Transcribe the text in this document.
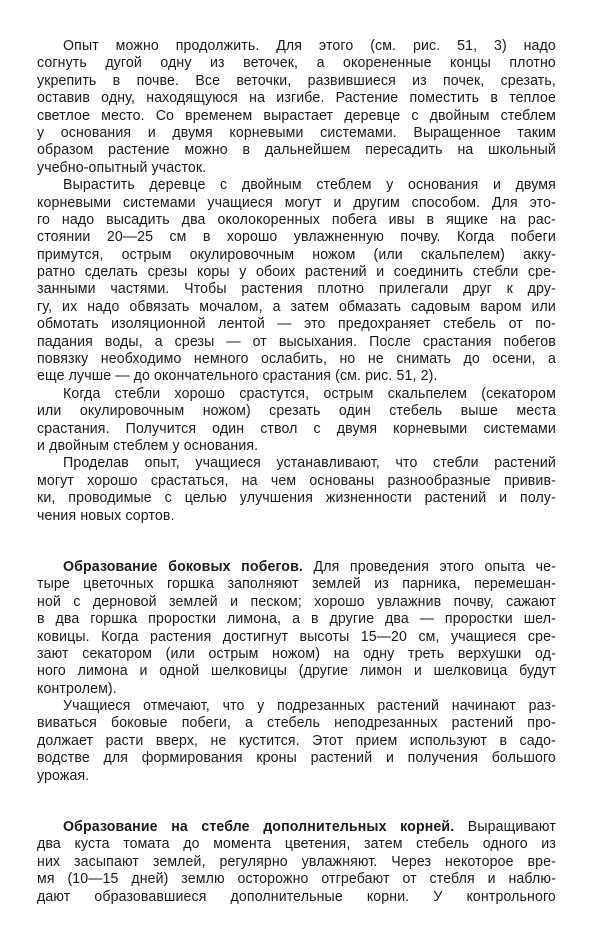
Опыт можно продолжить. Для этого (см. рис. 51, 3) надо
согнуть дугой одну из веточек, а окорененные концы плотно
укрепить в почве. Все веточки, развившиеся из почек, срезать,
оставив одну, находящуюся на изгибе. Растение поместить в теплое
светлое место. Со временем вырастает деревце с двойным стеблем
у основания и двумя корневыми системами. Выращенное таким
образом растение можно в дальнейшем пересадить на школьный
учебно-опытный участок.
Вырастить деревце с двойным стеблем у основания и двумя
корневыми системами учащиеся могут и другим способом. Для это-
го надо высадить два околокоренных побега ивы в ящике на рас-
стоянии 20—25 см в хорошо увлажненную почву. Когда побеги
примутся, острым окулировочным ножом (или скальпелем) акку-
ратно сделать срезы коры у обоих растений и соединить стебли сре-
занными частями. Чтобы растения плотно прилегали друг к дру-
гу, их надо обвязать мочалом, а затем обмазать садовым варом или
обмотать изоляционной лентой — это предохраняет стебель от по-
падания воды, а срезы — от высыхания. После срастания побегов
повязку необходимо немного ослабить, но не снимать до осени, а
еще лучше — до окончательного срастания (см. рис. 51, 2).
Когда стебли хорошо срастутся, острым скальпелем (секатором
или окулировочным ножом) срезать один стебель выше места
срастания. Получится один ствол с двумя корневыми системами
и двойным стеблем у основания.
Проделав опыт, учащиеся устанавливают, что стебли растений
могут хорошо срастаться, на чем основаны разнообразные привив-
ки, проводимые с целью улучшения жизненности растений и полу-
чения новых сортов.
Образование боковых побегов. Для проведения этого опыта че-
тыре цветочных горшка заполняют землей из парника, перемешан-
ной с дерновой землей и песком; хорошо увлажнив почву, сажают
в два горшка проростки лимона, а в другие два — проростки шел-
ковицы. Когда растения достигнут высоты 15—20 см, учащиеся сре-
зают секатором (или острым ножом) на одну треть верхушки од-
ного лимона и одной шелковицы (другие лимон и шелковица будут
контролем).
Учащиеся отмечают, что у подрезанных растений начинают раз-
виваться боковые побеги, а стебель неподрезанных растений про-
должает расти вверх, не кустится. Этот прием используют в садо-
водстве для формирования кроны растений и получения большого
урожая.
Образование на стебле дополнительных корней. Выращивают
два куста томата до момента цветения, затем стебель одного из
них засыпают землей, регулярно увлажняют. Через некоторое вре-
мя (10—15 дней) землю осторожно отгребают от стебля и наблю-
дают образовавшиеся дополнительные корни. У контрольного
